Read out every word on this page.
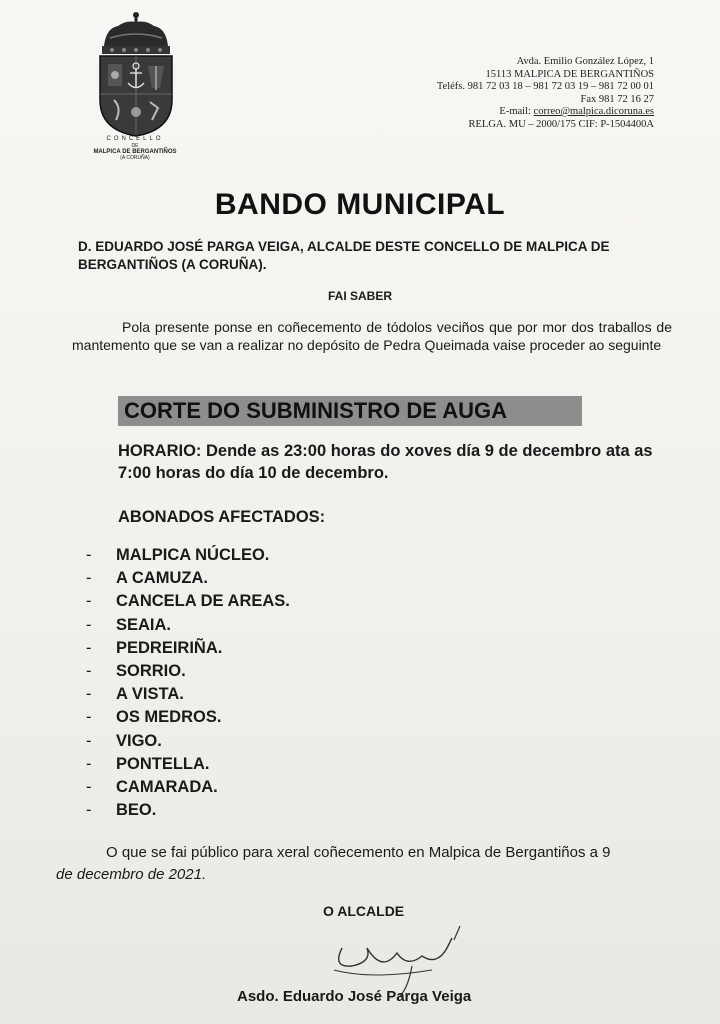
CONCELLO
DE
MALPICA DE BERGANTIÑOS
(A CORUÑA)
Avda. Emilio González López, 1
15113 MALPICA DE BERGANTIÑOS
Teléfs. 981 72 03 18 – 981 72 03 19 – 981 72 00 01
Fax 981 72 16 27
E-mail: correo@malpica.dicoruna.es
RELGA. MU – 2000/175 CIF: P-1504400A
BANDO MUNICIPAL
D. EDUARDO JOSÉ PARGA VEIGA, ALCALDE DESTE CONCELLO DE MALPICA DE BERGANTIÑOS (A CORUÑA).
FAI SABER
Pola presente ponse en coñecemento de tódolos veciños que por mor dos traballos de mantemento que se van a realizar no depósito de Pedra Queimada vaise proceder ao seguinte
CORTE DO SUBMINISTRO DE AUGA
HORARIO: Dende as 23:00 horas do xoves día 9 de decembro ata as 7:00 horas do día 10 de decembro.
ABONADOS AFECTADOS:
- MALPICA NÚCLEO.
- A CAMUZA.
- CANCELA DE AREAS.
- SEAIA.
- PEDREIRIÑA.
- SORRIO.
- A VISTA.
- OS MEDROS.
- VIGO.
- PONTELLA.
- CAMARADA.
- BEO.
O que se fai público para xeral coñecemento en Malpica de Bergantiños a 9
de decembro de 2021.
O ALCALDE
Asdo. Eduardo José Parga Veiga
